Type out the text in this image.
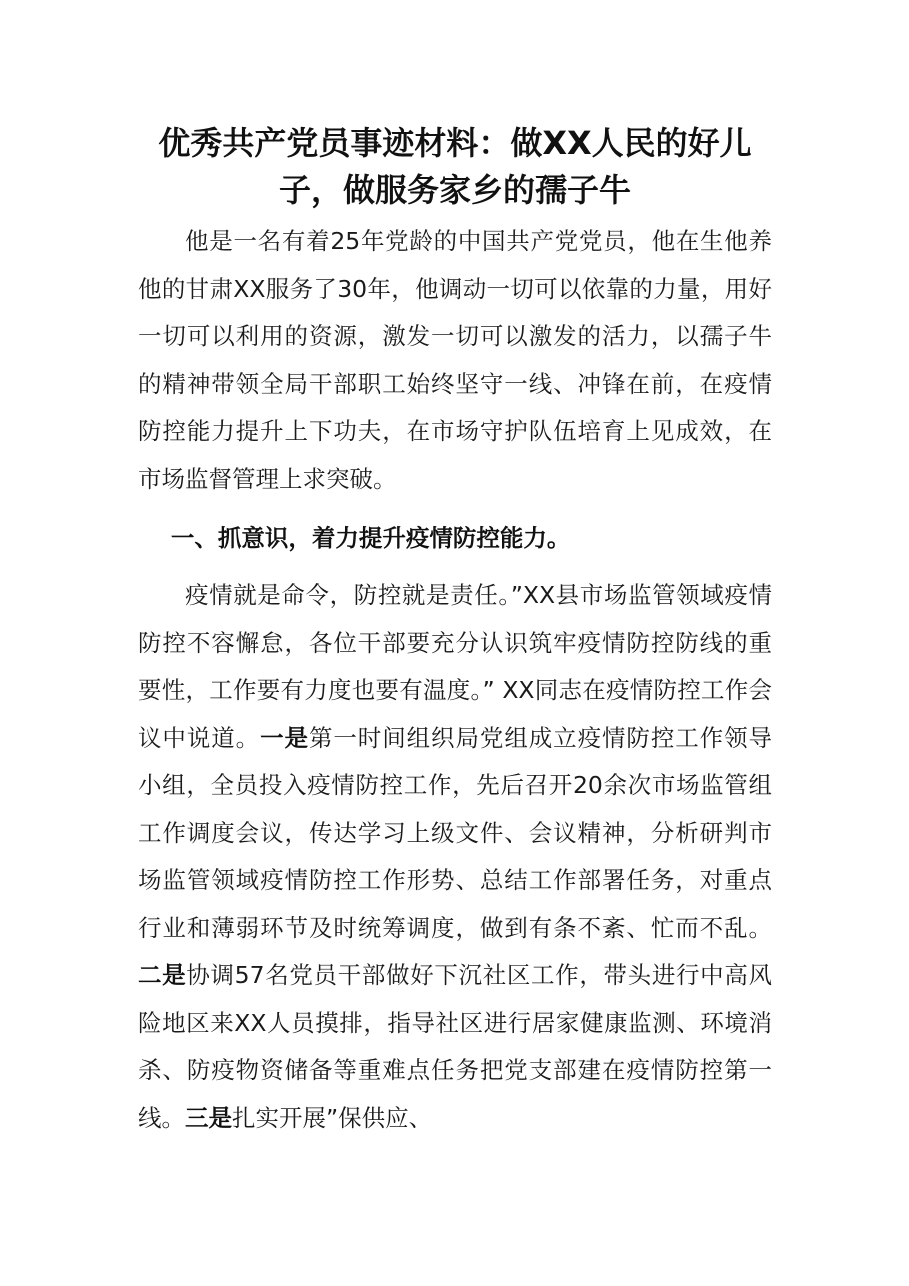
优秀共产党员事迹材料：做XX人民的好儿子，做服务家乡的孺子牛

他是一名有着25年党龄的中国共产党党员，他在生他养他的甘肃XX服务了30年，他调动一切可以依靠的力量，用好一切可以利用的资源，激发一切可以激发的活力，以孺子牛的精神带领全局干部职工始终坚守一线、冲锋在前，在疫情防控能力提升上下功夫，在市场守护队伍培育上见成效，在市场监督管理上求突破。

一、抓意识，着力提升疫情防控能力。

疫情就是命令，防控就是责任。”XX县市场监管领域疫情防控不容懈怠，各位干部要充分认识筑牢疫情防控防线的重要性，工作要有力度也要有温度。” XX同志在疫情防控工作会议中说道。一是第一时间组织局党组成立疫情防控工作领导小组，全员投入疫情防控工作，先后召开20余次市场监管组工作调度会议，传达学习上级文件、会议精神，分析研判市场监管领域疫情防控工作形势、总结工作部署任务，对重点行业和薄弱环节及时统筹调度，做到有条不紊、忙而不乱。二是协调57名党员干部做好下沉社区工作，带头进行中高风险地区来XX人员摸排，指导社区进行居家健康监测、环境消杀、防疫物资储备等重难点任务把党支部建在疫情防控第一线。三是扎实开展”保供应、
